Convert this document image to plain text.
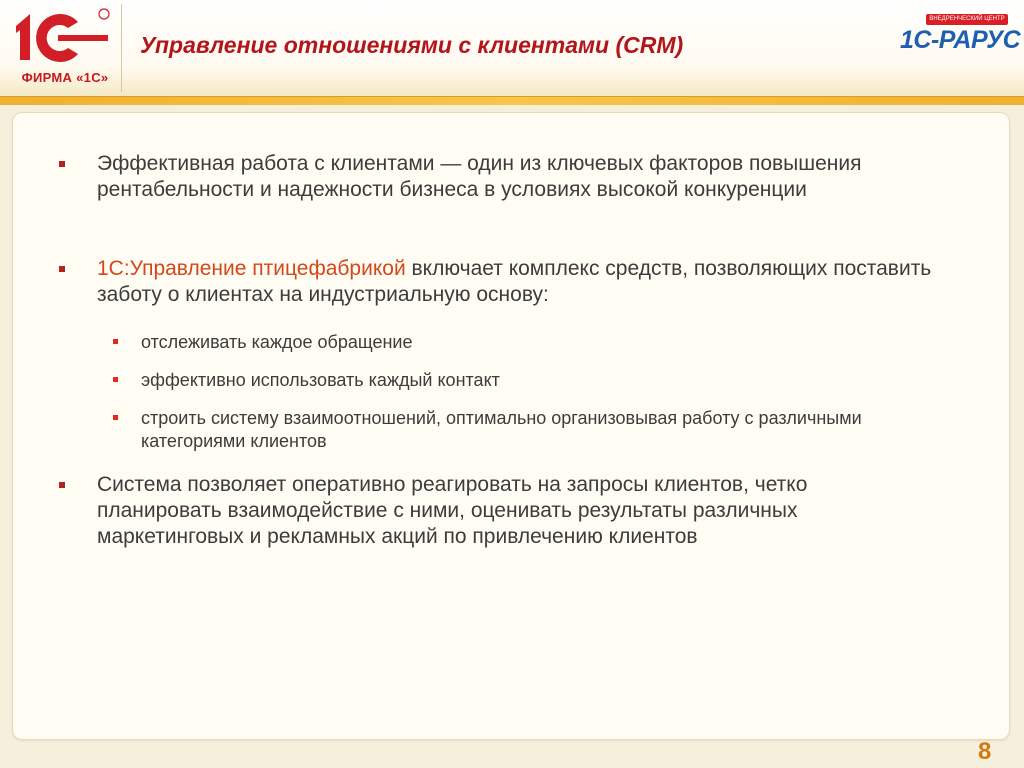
ФИРМА «1С»
Управление отношениями с клиентами (CRM)
ВНЕДРЕНЧЕСКИЙ ЦЕНТР
1С-РАРУС
Эффективная работа с клиентами — один из ключевых факторов повышения рентабельности и надежности бизнеса в условиях высокой конкуренции
1С:Управление птицефабрикой включает комплекс средств, позволяющих поставить заботу о клиентах на индустриальную основу:
отслеживать каждое обращение
эффективно использовать каждый контакт
строить систему взаимоотношений, оптимально организовывая работу с различными категориями клиентов
Система позволяет оперативно реагировать на запросы клиентов, четко планировать взаимодействие с ними, оценивать результаты различных маркетинговых и рекламных акций по привлечению клиентов
8
